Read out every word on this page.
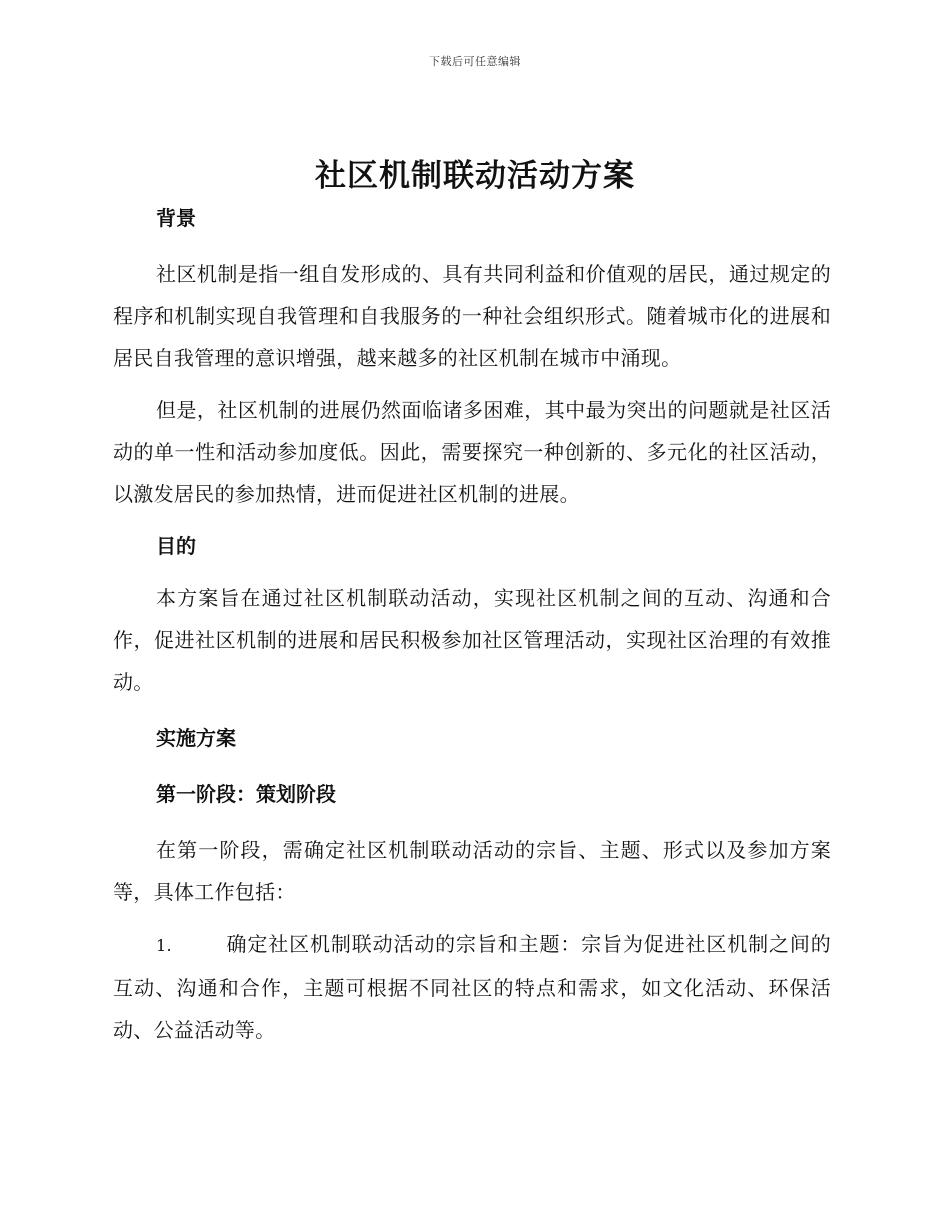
下载后可任意编辑
社区机制联动活动方案

背景

社区机制是指一组自发形成的、具有共同利益和价值观的居民，通过规定的程序和机制实现自我管理和自我服务的一种社会组织形式。随着城市化的进展和居民自我管理的意识增强，越来越多的社区机制在城市中涌现。

但是，社区机制的进展仍然面临诸多困难，其中最为突出的问题就是社区活动的单一性和活动参加度低。因此，需要探究一种创新的、多元化的社区活动，以激发居民的参加热情，进而促进社区机制的进展。

目的

本方案旨在通过社区机制联动活动，实现社区机制之间的互动、沟通和合作，促进社区机制的进展和居民积极参加社区管理活动，实现社区治理的有效推动。

实施方案

第一阶段：策划阶段

在第一阶段，需确定社区机制联动活动的宗旨、主题、形式以及参加方案等，具体工作包括：

1.	确定社区机制联动活动的宗旨和主题：宗旨为促进社区机制之间的互动、沟通和合作，主题可根据不同社区的特点和需求，如文化活动、环保活动、公益活动等。
